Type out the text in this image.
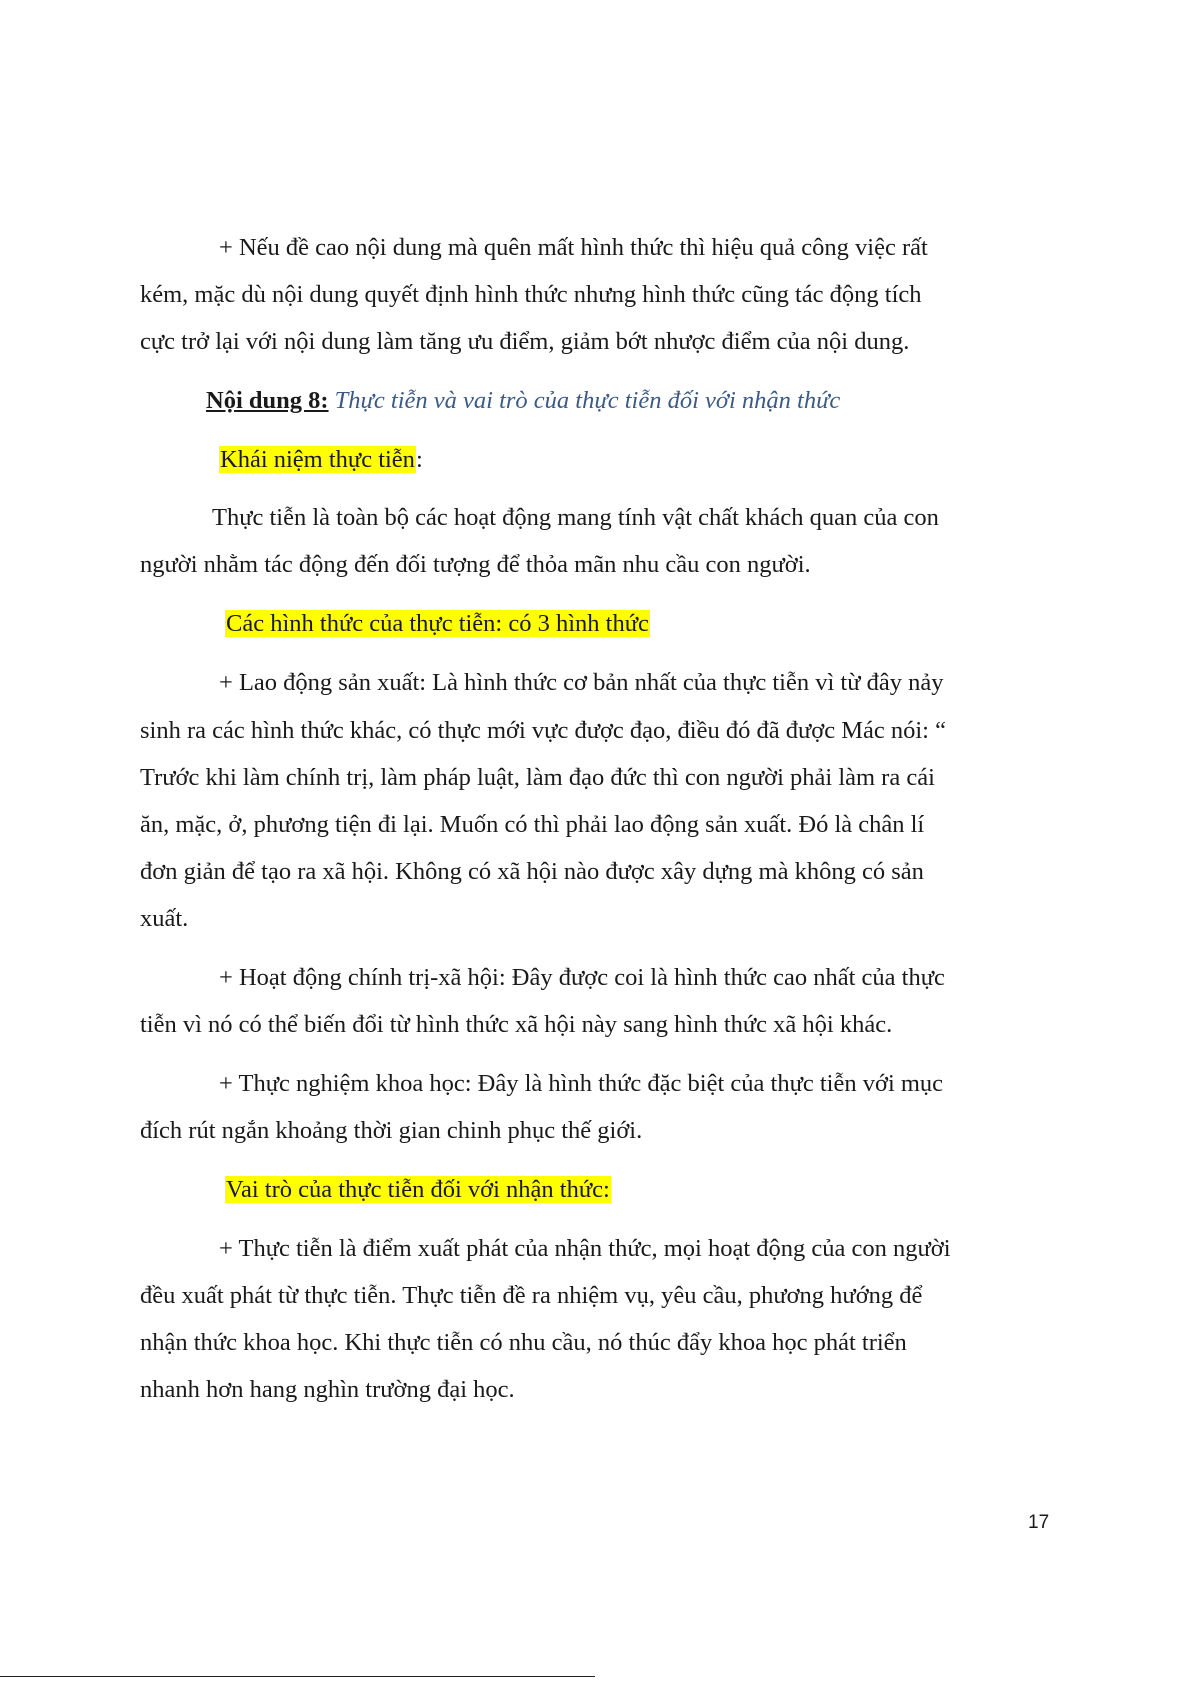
+ Nếu đề cao nội dung mà quên mất hình thức thì hiệu quả công việc rất

kém, mặc dù nội dung quyết định hình thức nhưng hình thức cũng tác động tích

cực trở lại với nội dung làm tăng ưu điểm, giảm bớt nhược điểm của nội dung.

Nội dung 8: Thực tiễn và vai trò của thực tiễn đối với nhận thức

Khái niệm thực tiễn:

Thực tiễn là toàn bộ các hoạt động mang tính vật chất khách quan của con

người nhằm tác động đến đối tượng để thỏa mãn nhu cầu con người.

Các hình thức của thực tiễn: có 3 hình thức

+ Lao động sản xuất: Là hình thức cơ bản nhất của thực tiễn vì từ đây nảy

sinh ra các hình thức khác, có thực mới vực được đạo, điều đó đã được Mác nói: “

Trước khi làm chính trị, làm pháp luật, làm đạo đức thì con người phải làm ra cái

ăn, mặc, ở, phương tiện đi lại. Muốn có thì phải lao động sản xuất. Đó là chân lí

đơn giản để tạo ra xã hội. Không có xã hội nào được xây dựng mà không có sản

xuất.

+ Hoạt động chính trị-xã hội: Đây được coi là hình thức cao nhất của thực

tiễn vì nó có thể biến đổi từ hình thức xã hội này sang hình thức xã hội khác.

+ Thực nghiệm khoa học: Đây là hình thức đặc biệt của thực tiễn với mục

đích rút ngắn khoảng thời gian chinh phục thế giới.

Vai trò của thực tiễn đối với nhận thức:

+ Thực tiễn là điểm xuất phát của nhận thức, mọi hoạt động của con người

đều xuất phát từ thực tiễn. Thực tiễn đề ra nhiệm vụ, yêu cầu, phương hướng để

nhận thức khoa học. Khi thực tiễn có nhu cầu, nó thúc đẩy khoa học phát triển

nhanh hơn hang nghìn trường đại học.

17
